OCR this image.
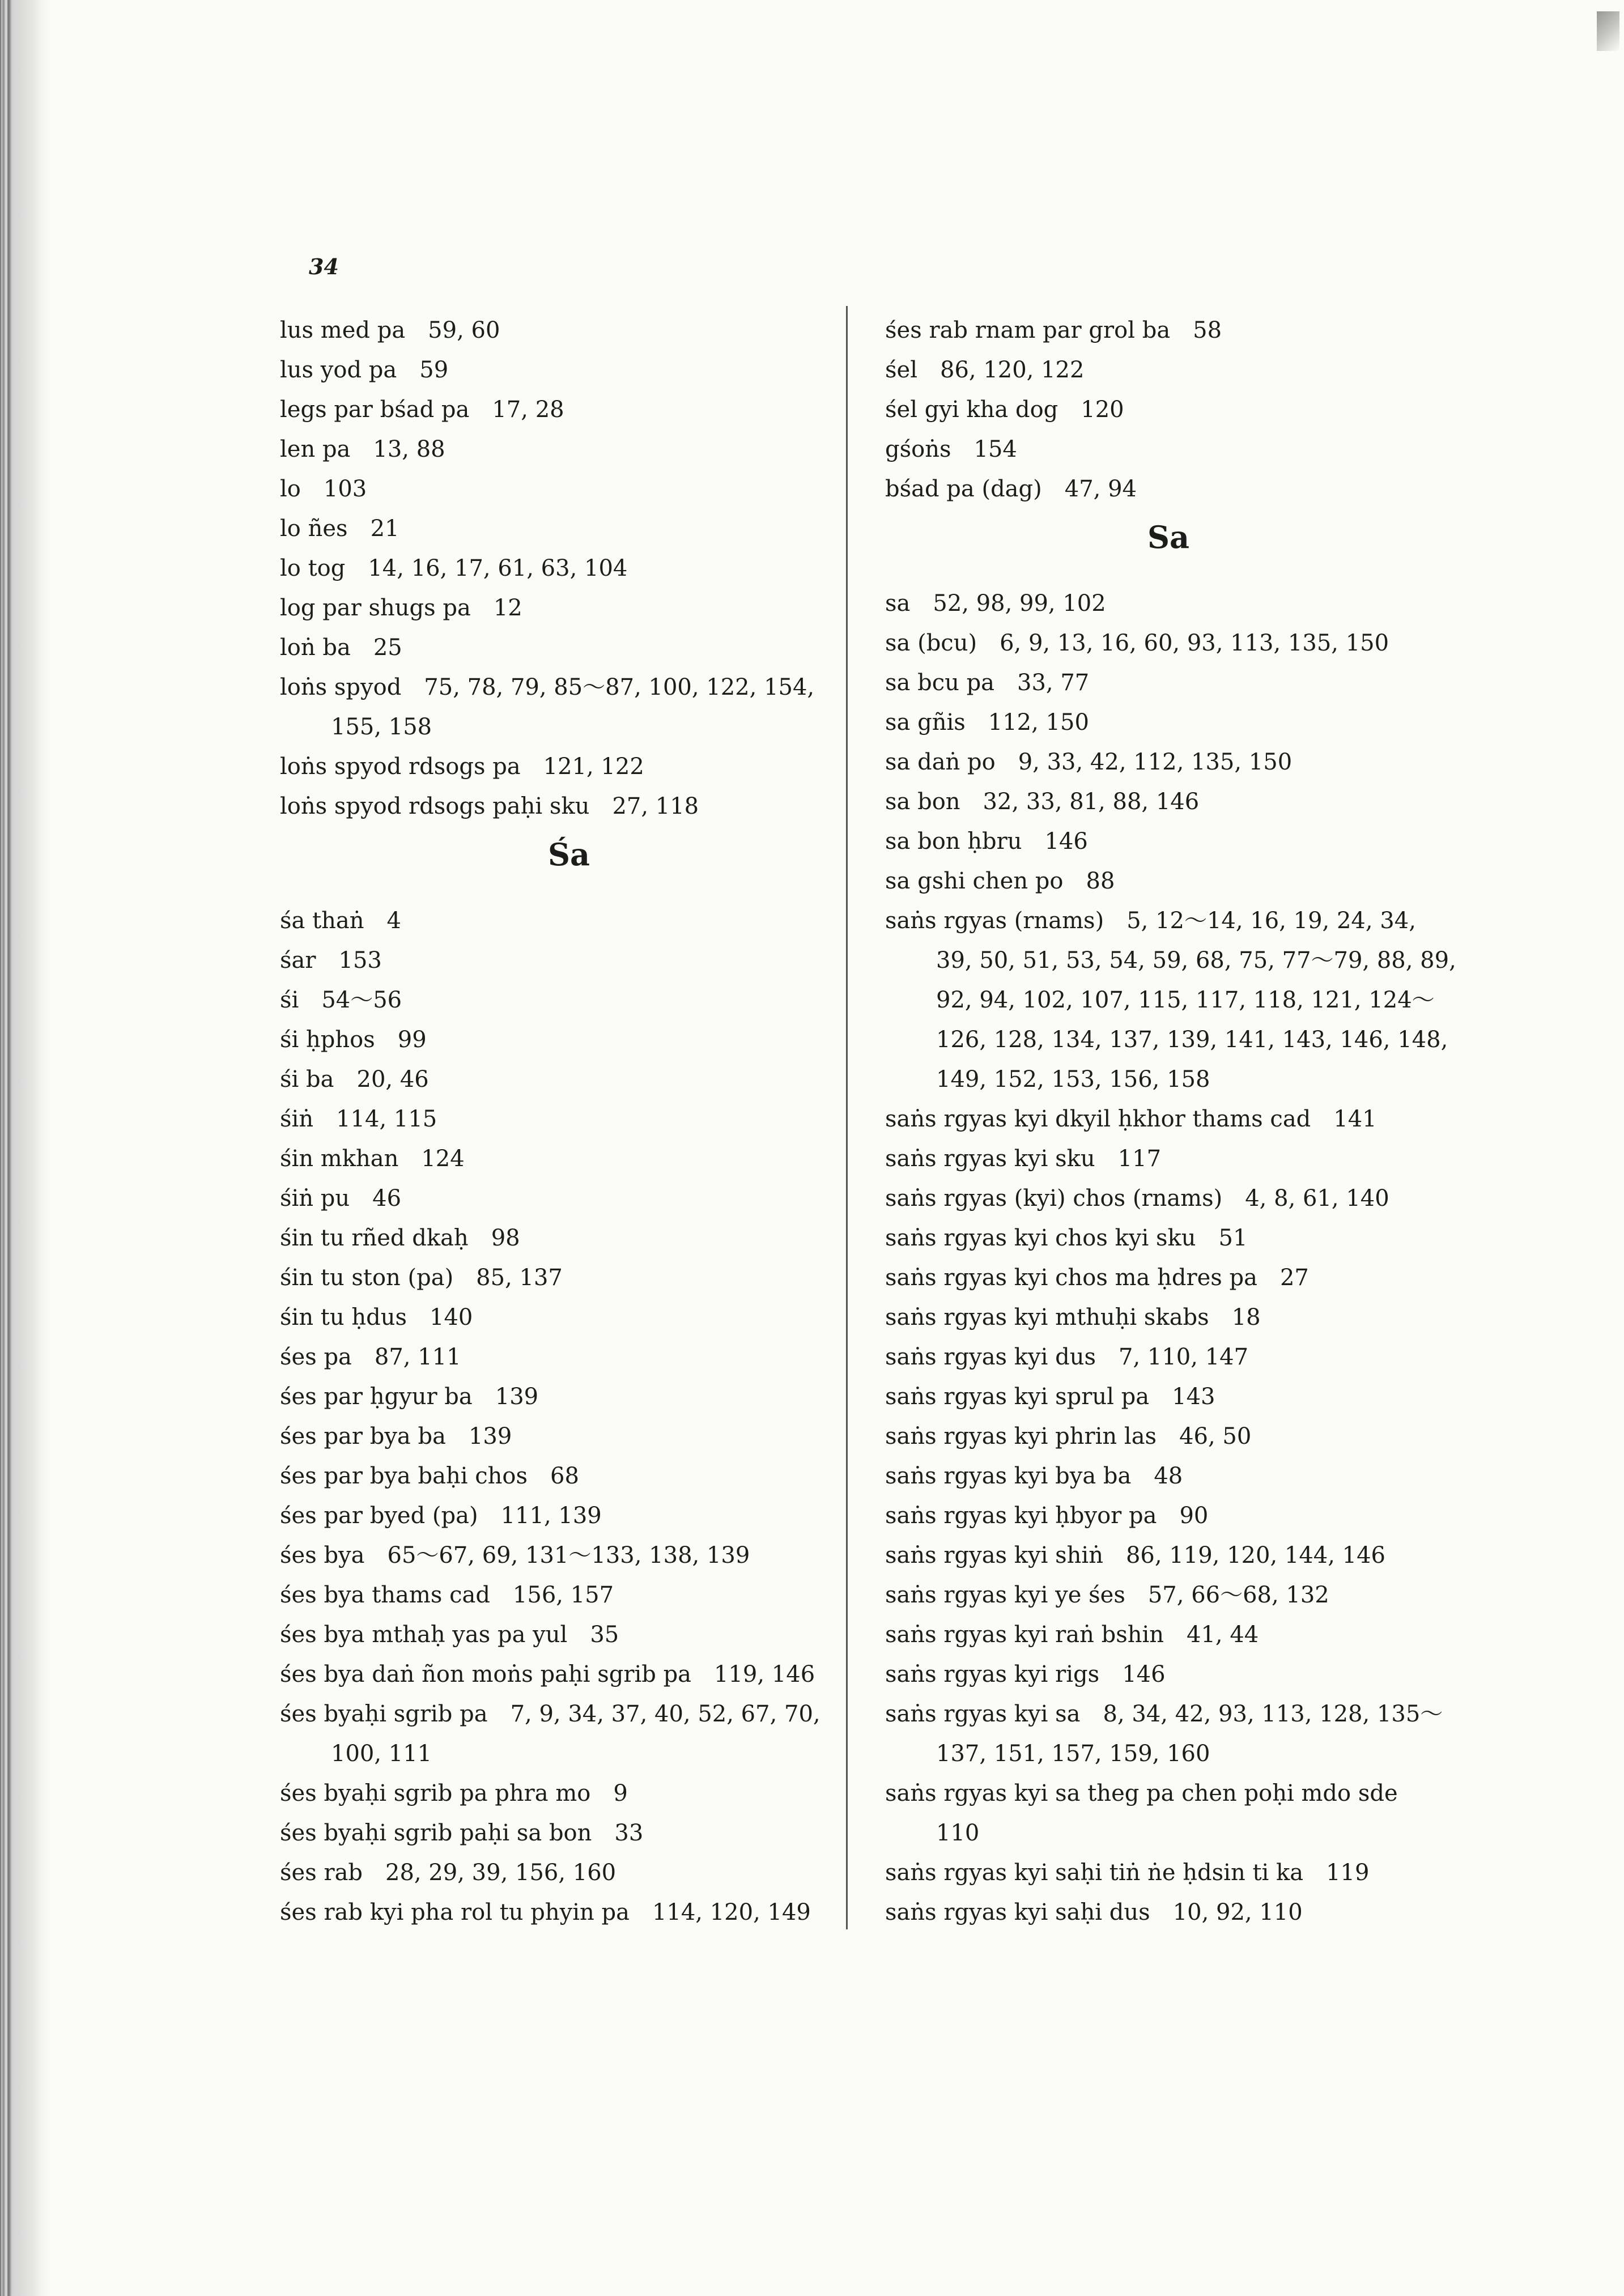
34
lus med pa  59, 60
lus yod pa  59
legs par bśad pa  17, 28
len pa  13, 88
lo  103
lo ñes  21
lo tog  14, 16, 17, 61, 63, 104
log par shugs pa  12
loṅ ba  25
loṅs spyod  75, 78, 79, 85～87, 100, 122, 154,
155, 158
loṅs spyod rdsogs pa  121, 122
loṅs spyod rdsogs paḥi sku  27, 118
Śa
śa thaṅ  4
śar  153
śi  54～56
śi ḥphos  99
śi ba  20, 46
śiṅ  114, 115
śin mkhan  124
śiṅ pu  46
śin tu rñed dkaḥ  98
śin tu ston (pa)  85, 137
śin tu ḥdus  140
śes pa  87, 111
śes par ḥgyur ba  139
śes par bya ba  139
śes par bya baḥi chos  68
śes par byed (pa)  111, 139
śes bya  65～67, 69, 131～133, 138, 139
śes bya thams cad  156, 157
śes bya mthaḥ yas pa yul  35
śes bya daṅ ñon moṅs paḥi sgrib pa  119, 146
śes byaḥi sgrib pa  7, 9, 34, 37, 40, 52, 67, 70,
100, 111
śes byaḥi sgrib pa phra mo  9
śes byaḥi sgrib paḥi sa bon  33
śes rab  28, 29, 39, 156, 160
śes rab kyi pha rol tu phyin pa  114, 120, 149
śes rab rnam par grol ba  58
śel  86, 120, 122
śel gyi kha dog  120
gśoṅs  154
bśad pa (dag)  47, 94
Sa
sa  52, 98, 99, 102
sa (bcu)  6, 9, 13, 16, 60, 93, 113, 135, 150
sa bcu pa  33, 77
sa gñis  112, 150
sa daṅ po  9, 33, 42, 112, 135, 150
sa bon  32, 33, 81, 88, 146
sa bon ḥbru  146
sa gshi chen po  88
saṅs rgyas (rnams)  5, 12～14, 16, 19, 24, 34,
39, 50, 51, 53, 54, 59, 68, 75, 77～79, 88, 89,
92, 94, 102, 107, 115, 117, 118, 121, 124～
126, 128, 134, 137, 139, 141, 143, 146, 148,
149, 152, 153, 156, 158
saṅs rgyas kyi dkyil ḥkhor thams cad  141
saṅs rgyas kyi sku  117
saṅs rgyas (kyi) chos (rnams)  4, 8, 61, 140
saṅs rgyas kyi chos kyi sku  51
saṅs rgyas kyi chos ma ḥdres pa  27
saṅs rgyas kyi mthuḥi skabs  18
saṅs rgyas kyi dus  7, 110, 147
saṅs rgyas kyi sprul pa  143
saṅs rgyas kyi phrin las  46, 50
saṅs rgyas kyi bya ba  48
saṅs rgyas kyi ḥbyor pa  90
saṅs rgyas kyi shiṅ  86, 119, 120, 144, 146
saṅs rgyas kyi ye śes  57, 66～68, 132
saṅs rgyas kyi raṅ bshin  41, 44
saṅs rgyas kyi rigs  146
saṅs rgyas kyi sa  8, 34, 42, 93, 113, 128, 135～
137, 151, 157, 159, 160
saṅs rgyas kyi sa theg pa chen poḥi mdo sde
110
saṅs rgyas kyi saḥi tiṅ ṅe ḥdsin ti ka  119
saṅs rgyas kyi saḥi dus  10, 92, 110
